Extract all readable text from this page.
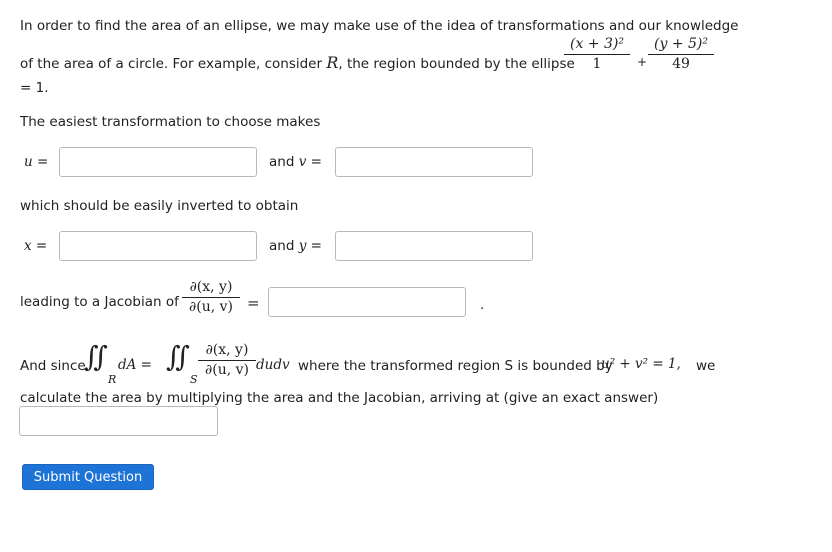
In order to find the area of an ellipse, we may make use of the idea of transformations and our knowledge
of the area of a circle. For example, consider R, the region bounded by the ellipse
(x + 3)²
1	+
(y + 5)²
49
= 1.
The easiest transformation to choose makes
u =	and v =
which should be easily inverted to obtain
x =	and y =
leading to a Jacobian of
∂(x, y)
∂(u, v) =	.
And since
∬
R
dA = ∬
S
∂(x, y)
∂(u, v) dudv where the transformed region S is bounded by
u² + v² = 1, we
calculate the area by multiplying the area and the Jacobian, arriving at (give an exact answer)
Submit Question
